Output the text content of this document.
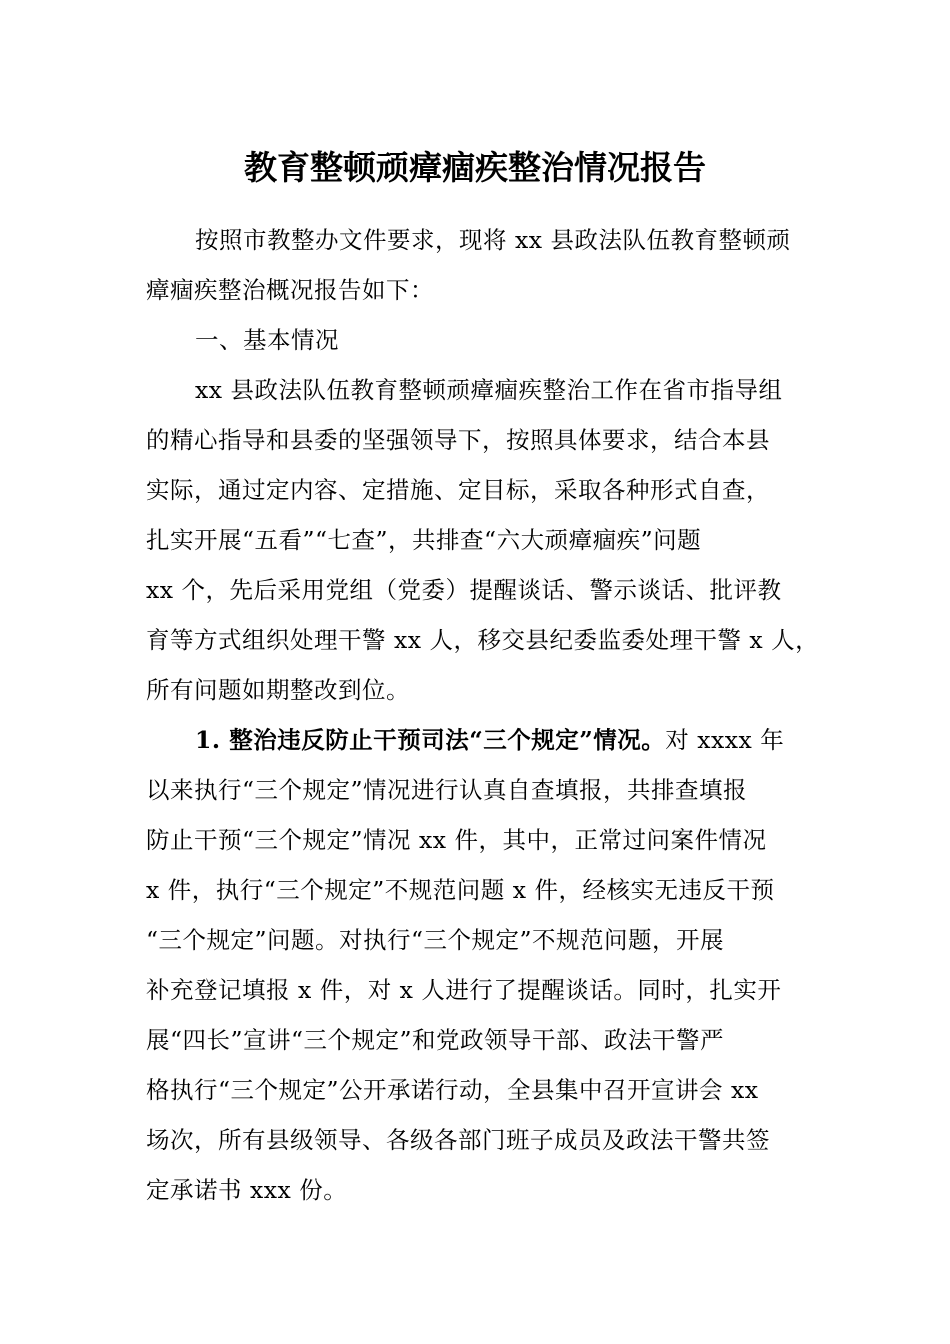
教育整顿顽瘴痼疾整治情况报告
按照市教整办文件要求，现将 xx 县政法队伍教育整顿顽
瘴痼疾整治概况报告如下：
一、基本情况
xx 县政法队伍教育整顿顽瘴痼疾整治工作在省市指导组
的精心指导和县委的坚强领导下，按照具体要求，结合本县
实际，通过定内容、定措施、定目标，采取各种形式自查，
扎实开展“五看”“七查”，共排查“六大顽瘴痼疾”问题
xx 个，先后采用党组（党委）提醒谈话、警示谈话、批评教
育等方式组织处理干警 xx 人，移交县纪委监委处理干警 x 人，
所有问题如期整改到位。
1. 整治违反防止干预司法“三个规定”情况。对 xxxx 年
以来执行“三个规定”情况进行认真自查填报，共排查填报
防止干预“三个规定”情况 xx 件，其中，正常过问案件情况
x 件，执行“三个规定”不规范问题 x 件，经核实无违反干预
“三个规定”问题。对执行“三个规定”不规范问题，开展
补充登记填报 x 件，对 x 人进行了提醒谈话。同时，扎实开
展“四长”宣讲“三个规定”和党政领导干部、政法干警严
格执行“三个规定”公开承诺行动，全县集中召开宣讲会 xx
场次，所有县级领导、各级各部门班子成员及政法干警共签
定承诺书 xxx 份。
